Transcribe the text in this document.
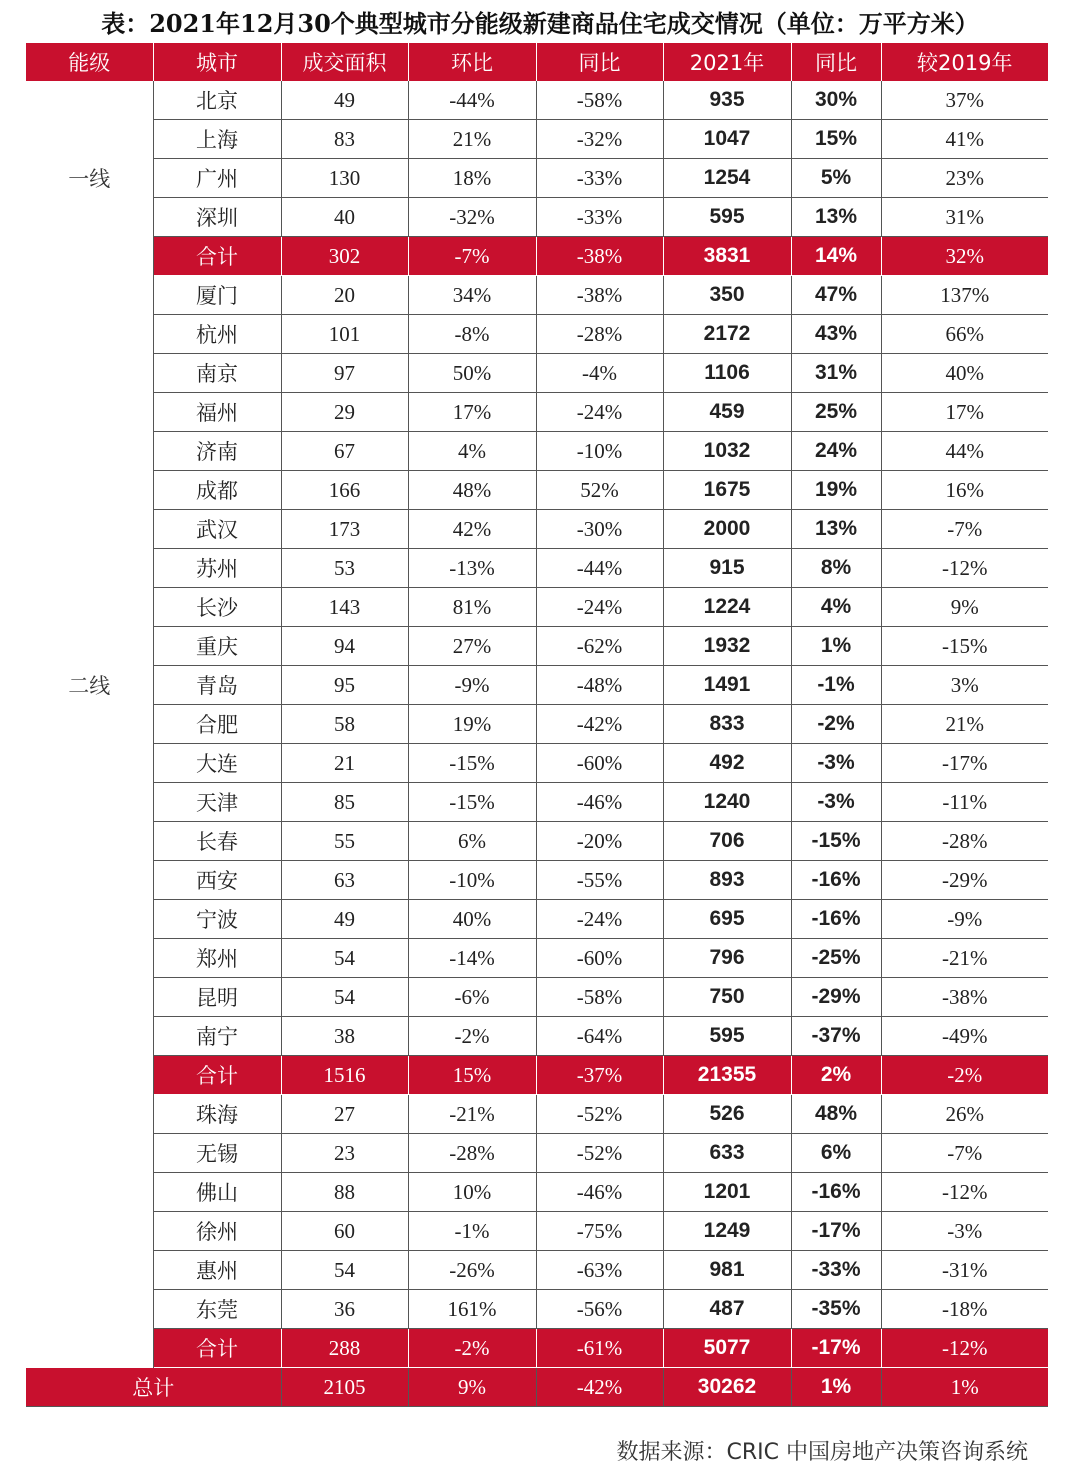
表：2021年12月30个典型城市分能级新建商品住宅成交情况（单位：万平方米）
能级	城市	成交面积	环比	同比	2021年	同比	较2019年
一线	北京	49	-44%	-58%	935	30%	37%
	上海	83	21%	-32%	1047	15%	41%
	广州	130	18%	-33%	1254	5%	23%
	深圳	40	-32%	-33%	595	13%	31%
	合计	302	-7%	-38%	3831	14%	32%
二线	厦门	20	34%	-38%	350	47%	137%
	杭州	101	-8%	-28%	2172	43%	66%
	南京	97	50%	-4%	1106	31%	40%
	福州	29	17%	-24%	459	25%	17%
	济南	67	4%	-10%	1032	24%	44%
	成都	166	48%	52%	1675	19%	16%
	武汉	173	42%	-30%	2000	13%	-7%
	苏州	53	-13%	-44%	915	8%	-12%
	长沙	143	81%	-24%	1224	4%	9%
	重庆	94	27%	-62%	1932	1%	-15%
	青岛	95	-9%	-48%	1491	-1%	3%
	合肥	58	19%	-42%	833	-2%	21%
	大连	21	-15%	-60%	492	-3%	-17%
	天津	85	-15%	-46%	1240	-3%	-11%
	长春	55	6%	-20%	706	-15%	-28%
	西安	63	-10%	-55%	893	-16%	-29%
	宁波	49	40%	-24%	695	-16%	-9%
	郑州	54	-14%	-60%	796	-25%	-21%
	昆明	54	-6%	-58%	750	-29%	-38%
	南宁	38	-2%	-64%	595	-37%	-49%
	合计	1516	15%	-37%	21355	2%	-2%
	珠海	27	-21%	-52%	526	48%	26%
	无锡	23	-28%	-52%	633	6%	-7%
	佛山	88	10%	-46%	1201	-16%	-12%
	徐州	60	-1%	-75%	1249	-17%	-3%
	惠州	54	-26%	-63%	981	-33%	-31%
	东莞	36	161%	-56%	487	-35%	-18%
	合计	288	-2%	-61%	5077	-17%	-12%
总计		2105	9%	-42%	30262	1%	1%
数据来源：CRIC 中国房地产决策咨询系统
